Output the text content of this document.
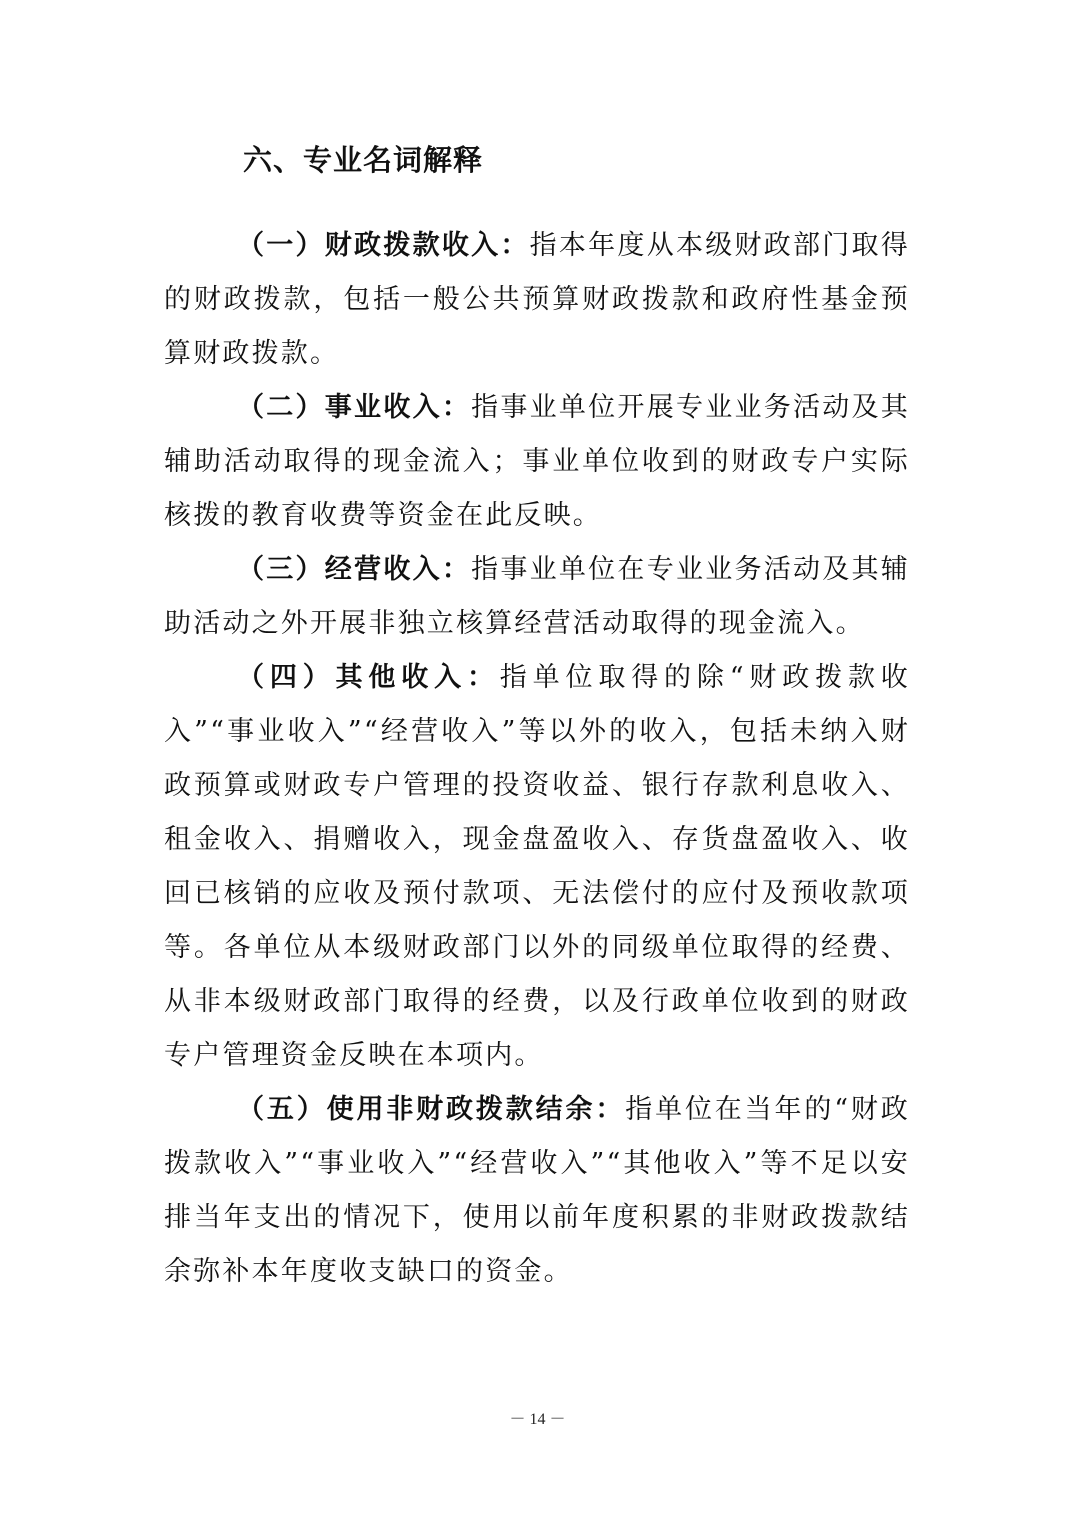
六、专业名词解释

（一）财政拨款收入：指本年度从本级财政部门取得的财政拨款，包括一般公共预算财政拨款和政府性基金预算财政拨款。

（二）事业收入：指事业单位开展专业业务活动及其辅助活动取得的现金流入；事业单位收到的财政专户实际核拨的教育收费等资金在此反映。

（三）经营收入：指事业单位在专业业务活动及其辅助活动之外开展非独立核算经营活动取得的现金流入。

（四）其他收入：指单位取得的除“财政拨款收入”“事业收入”“经营收入”等以外的收入，包括未纳入财政预算或财政专户管理的投资收益、银行存款利息收入、租金收入、捐赠收入，现金盘盈收入、存货盘盈收入、收回已核销的应收及预付款项、无法偿付的应付及预收款项等。各单位从本级财政部门以外的同级单位取得的经费、从非本级财政部门取得的经费，以及行政单位收到的财政专户管理资金反映在本项内。

（五）使用非财政拨款结余：指单位在当年的“财政拨款收入”“事业收入”“经营收入”“其他收入”等不足以安排当年支出的情况下，使用以前年度积累的非财政拨款结余弥补本年度收支缺口的资金。

－ 14 －
